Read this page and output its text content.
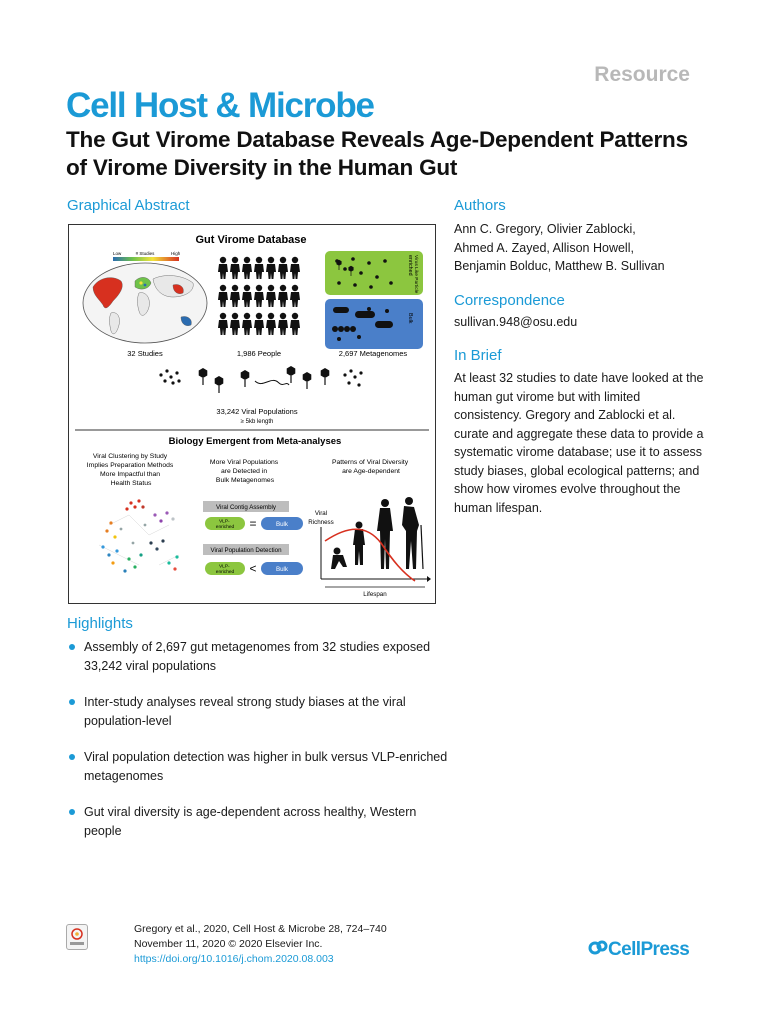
Resource
Cell Host & Microbe
The Gut Virome Database Reveals Age-Dependent Patterns of Virome Diversity in the Human Gut
Graphical Abstract
Gut Virome Database
Low	# Studies	High
Virus Like Particle
enriched
Bulk
32 Studies	1,986 People	2,697 Metagenomes
33,242 Viral Populations
≥ 5kb length
Biology Emergent from Meta-analyses
Viral Clustering by Study Implies Preparation Methods More Impactful than Health Status
More Viral Populations are Detected in Bulk Metagenomes
Patterns of Viral Diversity are Age-dependent
Viral Contig Assembly
VLP- enriched =	Bulk
Viral Population Detection
VLP- enriched <	Bulk
Viral
Richness
Lifespan
Authors
Ann C. Gregory, Olivier Zablocki,
Ahmed A. Zayed, Allison Howell,
Benjamin Bolduc, Matthew B. Sullivan
Correspondence
sullivan.948@osu.edu
In Brief
At least 32 studies to date have looked at the human gut virome but with limited consistency. Gregory and Zablocki et al. curate and aggregate these data to provide a systematic virome database; use it to assess study biases, global ecological patterns; and show how viromes evolve throughout the human lifespan.
Highlights
Assembly of 2,697 gut metagenomes from 32 studies exposed 33,242 viral populations
Inter-study analyses reveal strong study biases at the viral population-level
Viral population detection was higher in bulk versus VLP-enriched metagenomes
Gut viral diversity is age-dependent across healthy, Western people
Gregory et al., 2020, Cell Host & Microbe 28, 724–740
November 11, 2020 © 2020 Elsevier Inc.
https://doi.org/10.1016/j.chom.2020.08.003	CellPress
